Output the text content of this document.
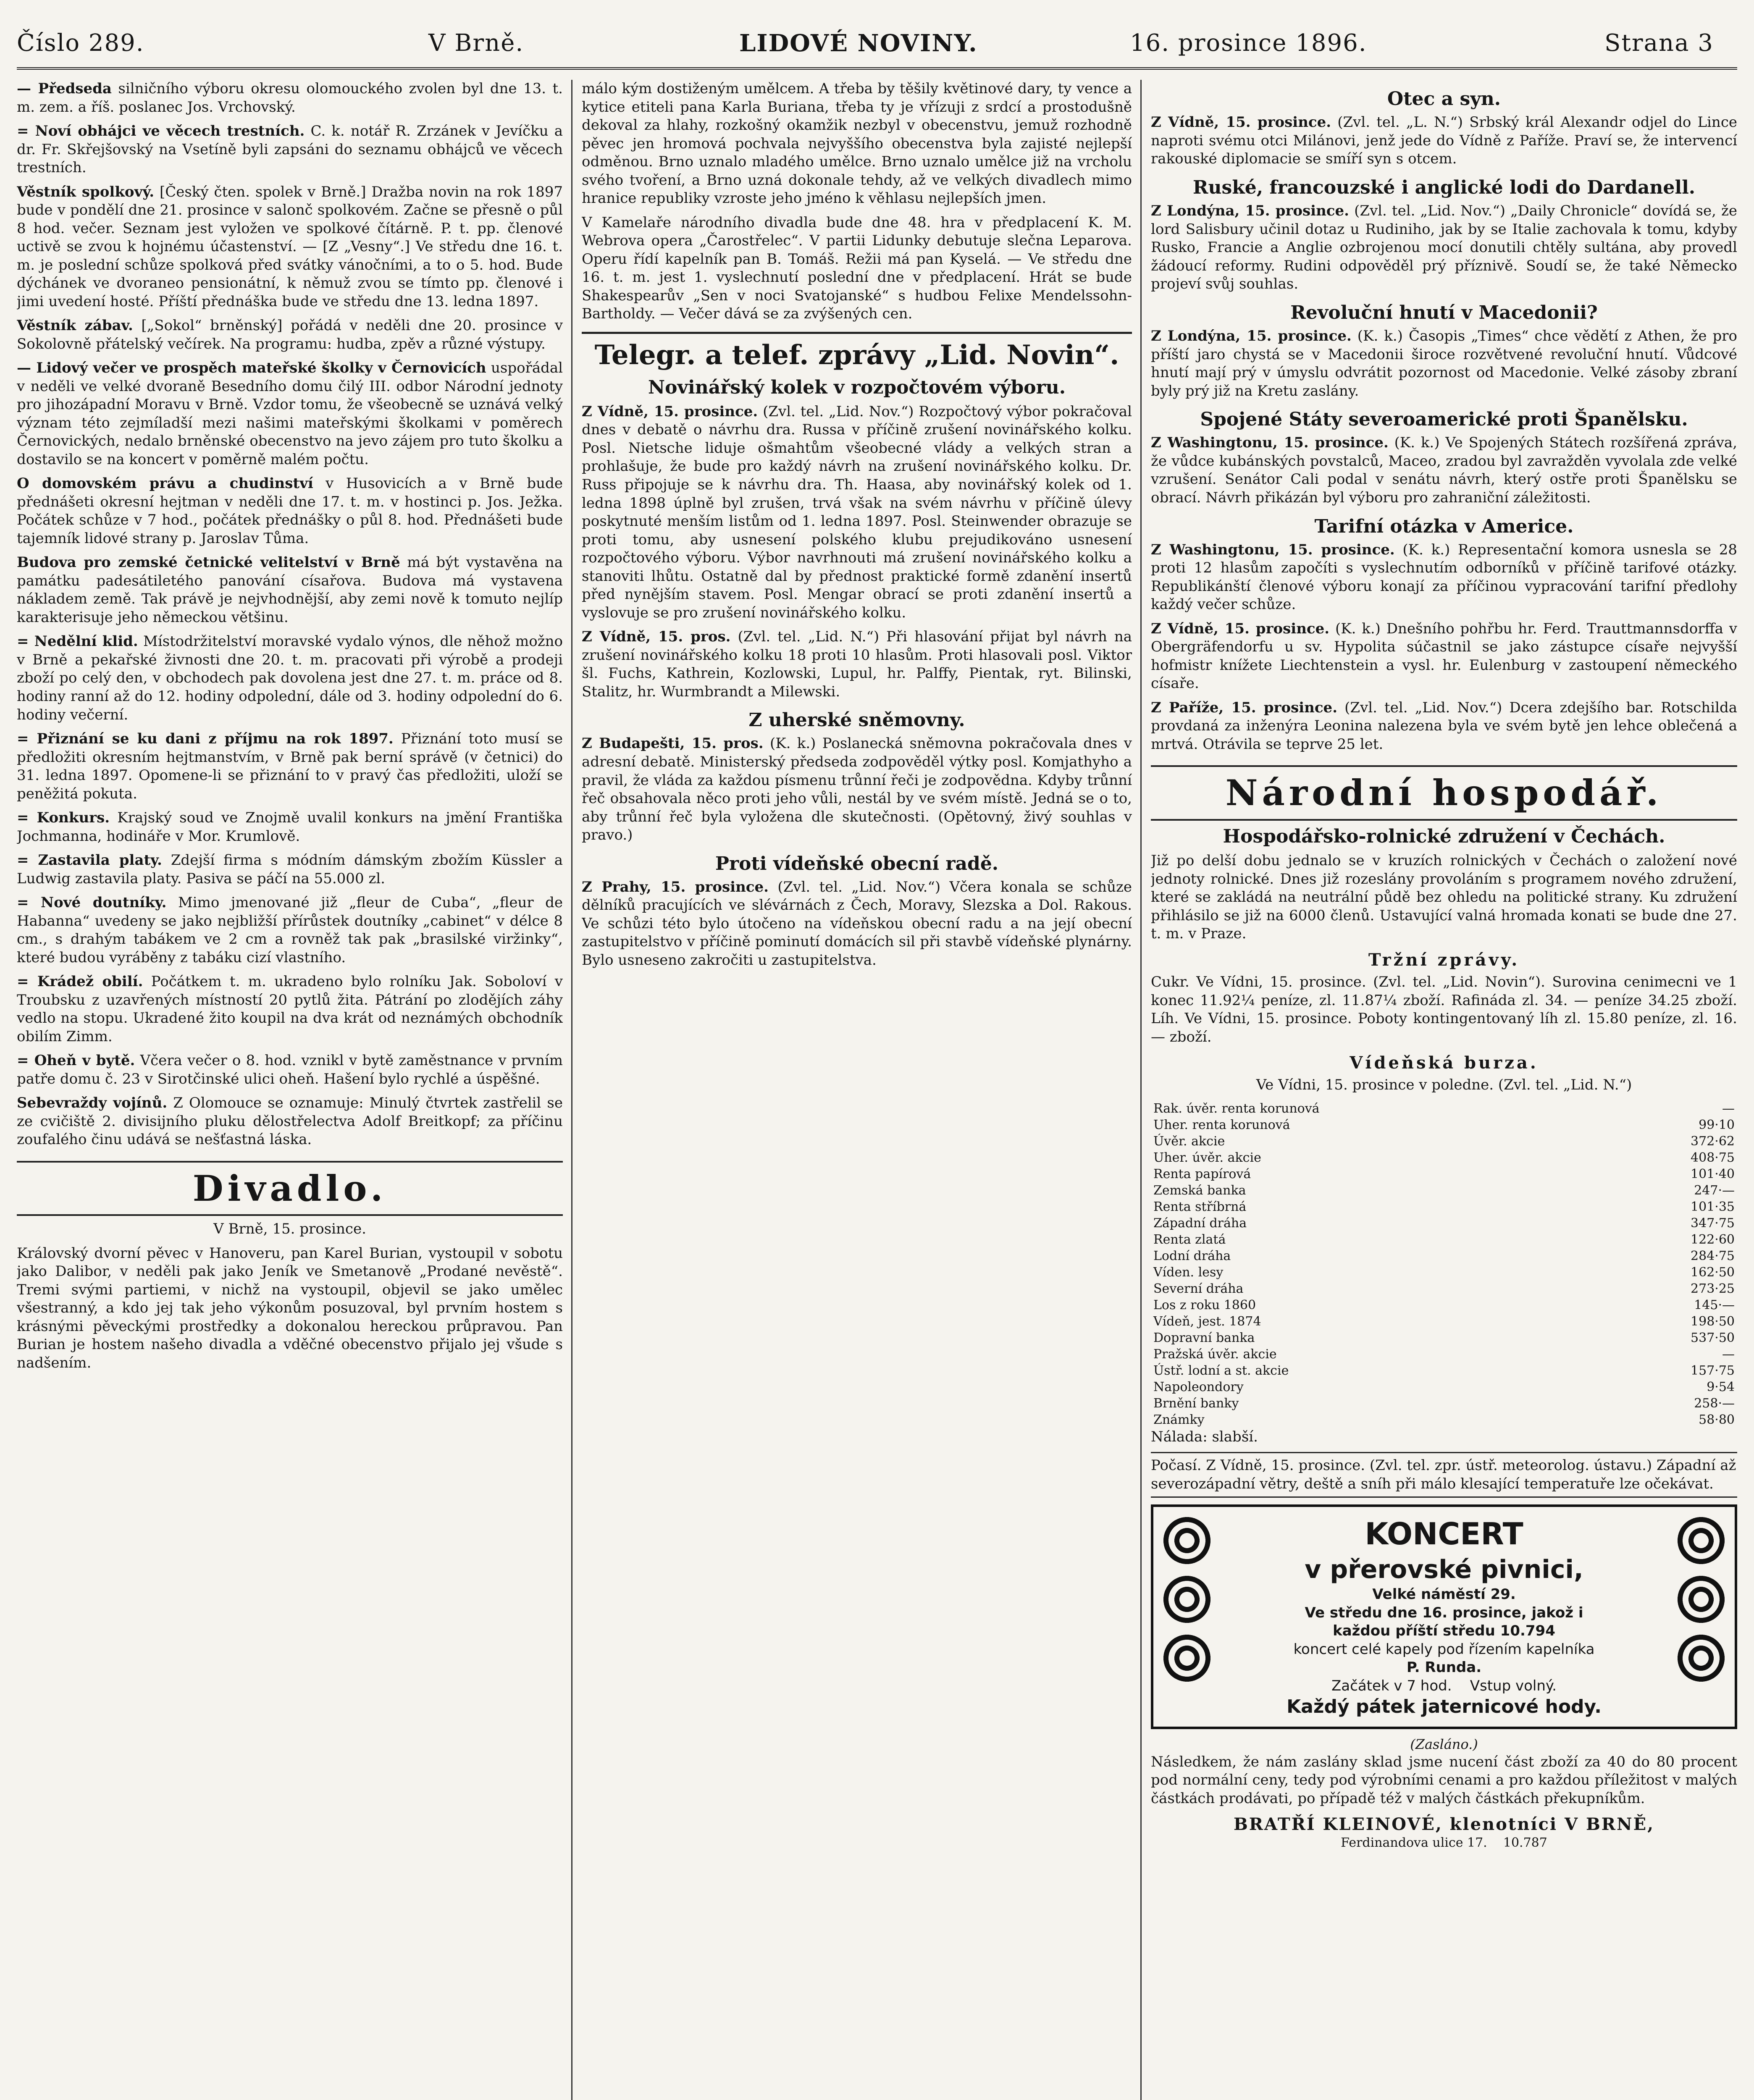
Číslo 289.	V Brně.	LIDOVÉ NOVINY.	16. prosince 1896.	Strana 3

— Předseda silničního výboru okresu olomouckého zvolen byl dne 13. t. m. zem. a říš. poslanec Jos. Vrchovský.

= Noví obhájci ve věcech trestních. C. k. notář R. Zrzánek v Jevíčku a dr. Fr. Skřejšovský na Vsetíně byli zapsáni do seznamu obhájců ve věcech trestních.

Věstník spolkový. [Český čten. spolek v Brně.] Dražba novin na rok 1897 bude v pondělí dne 21. prosince v salonč spolkovém. Začne se přesně o půl 8 hod. večer. Seznam jest vyložen ve spolkové čítárně. P. t. pp. členové uctivě se zvou k hojnému účastenství. — [Z „Vesny“.] Ve středu dne 16. t. m. je poslední schůze spolková před svátky vánočními, a to o 5. hod. Bude dýchánek ve dvoraneo pensionátní, k němuž zvou se tímto pp. členové i jimi uvedení hosté. Příští přednáška bude ve středu dne 13. ledna 1897.

Věstník zábav. [„Sokol“ brněnský] pořádá v neděli dne 20. prosince v Sokolovně přátelský večírek. Na programu: hudba, zpěv a různé výstupy.

— Lidový večer ve prospěch mateřské školky v Černovicích uspořádal v neděli ve velké dvoraně Besedního domu čilý III. odbor Národní jednoty pro jihozápadní Moravu v Brně. Vzdor tomu, že všeobecně se uznává velký význam této zejmíladší mezi našimi mateřskými školkami v poměrech Černovických, nedalo brněnské obecenstvo na jevo zájem pro tuto školku a dostavilo se na koncert v poměrně malém počtu.

O domovském právu a chudinství v Husovicích a v Brně bude přednášeti okresní hejtman v neděli dne 17. t. m. v hostinci p. Jos. Ježka. Počátek schůze v 7 hod., počátek přednášky o půl 8. hod. Přednášeti bude tajemník lidové strany p. Jaroslav Tůma.

Budova pro zemské četnické velitelství v Brně má být vystavěna na památku padesátiletého panování císařova. Budova má vystavena nákladem země. Tak právě je nejvhodnější, aby zemi nově k tomuto nejlíp karakterisuje jeho německou většinu.

= Nedělní klid. Místodržitelství moravské vydalo výnos, dle něhož možno v Brně a pekařské živnosti dne 20. t. m. pracovati při výrobě a prodeji zboží po celý den, v obchodech pak dovolena jest dne 27. t. m. práce od 8. hodiny ranní až do 12. hodiny odpolední, dále od 3. hodiny odpolední do 6. hodiny večerní.

= Přiznání se ku dani z příjmu na rok 1897. Přiznání toto musí se předložiti okresním hejtmanstvím, v Brně pak berní správě (v četnici) do 31. ledna 1897. Opomene-li se přiznání to v pravý čas předložiti, uloží se peněžitá pokuta.

= Konkurs. Krajský soud ve Znojmě uvalil konkurs na jmění Františka Jochmanna, hodináře v Mor. Krumlově.

= Zastavila platy. Zdejší firma s módním dámským zbožím Küssler a Ludwig zastavila platy. Pasiva se páčí na 55.000 zl.

= Nové doutníky. Mimo jmenované již „fleur de Cuba“, „fleur de Habanna“ uvedeny se jako nejbližší přírůstek doutníky „cabinet“ v délce 8 cm., s drahým tabákem ve 2 cm a rovněž tak pak „brasilské viržinky“, které budou vyráběny z tabáku cizí vlastního.

= Krádež obilí. Počátkem t. m. ukradeno bylo rolníku Jak. Soboloví v Troubsku z uzavřených místností 20 pytlů žita. Pátrání po zlodějích záhy vedlo na stopu. Ukradené žito koupil na dva krát od neznámých obchodník obilím Zimm.

= Oheň v bytě. Včera večer o 8. hod. vznikl v bytě zaměstnance v prvním patře domu č. 23 v Sirotčinské ulici oheň. Hašení bylo rychlé a úspěšné.

Sebevraždy vojínů. Z Olomouce se oznamuje: Minulý čtvrtek zastřelil se ze cvičiště 2. divisijního pluku dělostřelectva Adolf Breitkopf; za příčinu zoufalého činu udává se nešťastná láska.

Divadlo.

V Brně, 15. prosince.

Královský dvorní pěvec v Hanoveru, pan Karel Burian, vystoupil v sobotu jako Dalibor, v neděli pak jako Jeník ve Smetanově „Prodané nevěstě“. Tremi svými partiemi, v nichž na vystoupil, objevil se jako umělec všestranný, a kdo jej tak jeho výkonům posuzoval, byl prvním hostem s krásnými pěveckými prostředky a dokonalou hereckou průpravou. Pan Burian je hostem našeho divadla a vděčné obecenstvo přijalo jej všude s nadšením.

málo kým dostiženým umělcem. A třeba by těšily květinové dary, ty vence a kytice etiteli pana Karla Buriana, třeba ty je vřízuji z srdcí a prostodušně dekoval za hlahy, rozkošný okamžik nezbyl v obecenstvu, jemuž rozhodně pěvec jen hromová pochvala nejvyššího obecenstva byla zajisté nejlepší odměnou. Brno uznalo mladého umělce. Brno uznalo umělce již na vrcholu svého tvoření, a Brno uzná dokonale tehdy, až ve velkých divadlech mimo hranice republiky vzroste jeho jméno k věhlasu nejlepších jmen.

V Kamelaře národního divadla bude dne 48. hra v předplacení K. M. Webrova opera „Čarostřelec“. V partii Lidunky debutuje slečna Leparova. Operu řídí kapelník pan B. Tomáš. Režii má pan Kyselá. — Ve středu dne 16. t. m. jest 1. vyslechnutí poslední dne v předplacení. Hrát se bude Shakespearův „Sen v noci Svatojanské“ s hudbou Felixe Mendelssohn-Bartholdy. — Večer dává se za zvýšených cen.

Telegr. a telef. zprávy „Lid. Novin“.
Novinářský kolek v rozpočtovém výboru.

Z Vídně, 15. prosince. (Zvl. tel. „Lid. Nov.“) Rozpočtový výbor pokračoval dnes v debatě o návrhu dra. Russa v příčině zrušení novinářského kolku. Posl. Nietsche liduje ošmahtům všeobecné vlády a velkých stran a prohlašuje, že bude pro každý návrh na zrušení novinářského kolku. Dr. Russ připojuje se k návrhu dra. Th. Haasa, aby novinářský kolek od 1. ledna 1898 úplně byl zrušen, trvá však na svém návrhu v příčině úlevy poskytnuté menším listům od 1. ledna 1897. Posl. Steinwender obrazuje se proti tomu, aby usnesení polského klubu prejudikováno usnesení rozpočtového výboru. Výbor navrhnouti má zrušení novinářského kolku a stanoviti lhůtu. Ostatně dal by přednost praktické formě zdanění insertů před nynějším stavem. Posl. Mengar obrací se proti zdanění insertů a vyslovuje se pro zrušení novinářského kolku.

Z Vídně, 15. pros. (Zvl. tel. „Lid. N.“) Při hlasování přijat byl návrh na zrušení novinářského kolku 18 proti 10 hlasům. Proti hlasovali posl. Viktor šl. Fuchs, Kathrein, Kozlowski, Lupul, hr. Palffy, Pientak, ryt. Bilinski, Stalitz, hr. Wurmbrandt a Milewski.

Z uherské sněmovny.

Z Budapešti, 15. pros. (K. k.) Poslanecká sněmovna pokračovala dnes v adresní debatě. Ministerský předseda zodpověděl výtky posl. Komjathyho a pravil, že vláda za každou písmenu trůnní řeči je zodpovědna. Kdyby trůnní řeč obsahovala něco proti jeho vůli, nestál by ve svém místě. Jedná se o to, aby trůnní řeč byla vyložena dle skutečnosti. (Opětovný, živý souhlas v pravo.)

Proti vídeňské obecní radě.

Z Prahy, 15. prosince. (Zvl. tel. „Lid. Nov.“) Včera konala se schůze dělníků pracujících ve slévárnách z Čech, Moravy, Slezska a Dol. Rakous. Ve schůzi této bylo útočeno na vídeňskou obecní radu a na její obecní zastupitelstvo v příčině pominutí domácích sil při stavbě vídeňské plynárny. Bylo usneseno zakročiti u zastupitelstva.

Otec a syn.

Z Vídně, 15. prosince. (Zvl. tel. „L. N.“) Srbský král Alexandr odjel do Lince naproti svému otci Milánovi, jenž jede do Vídně z Paříže. Praví se, že intervencí rakouské diplomacie se smíří syn s otcem.

Ruské, francouzské i anglické lodi do Dardanell.

Z Londýna, 15. prosince. (Zvl. tel. „Lid. Nov.“) „Daily Chronicle“ dovídá se, že lord Salisbury učinil dotaz u Rudiniho, jak by se Italie zachovala k tomu, kdyby Rusko, Francie a Anglie ozbrojenou mocí donutili chtěly sultána, aby provedl žádoucí reformy. Rudini odpověděl prý příznivě. Soudí se, že také Německo projeví svůj souhlas.

Revoluční hnutí v Macedonii?

Z Londýna, 15. prosince. (K. k.) Časopis „Times“ chce vědětí z Athen, že pro příští jaro chystá se v Macedonii široce rozvětvené revoluční hnutí. Vůdcové hnutí mají prý v úmyslu odvrátit pozornost od Macedonie. Velké zásoby zbraní byly prý již na Kretu zaslány.

Spojené Státy severoamerické proti Španělsku.

Z Washingtonu, 15. prosince. (K. k.) Ve Spojených Státech rozšířená zpráva, že vůdce kubánských povstalců, Maceo, zradou byl zavražděn vyvolala zde velké vzrušení. Senátor Cali podal v senátu návrh, který ostře proti Španělsku se obrací. Návrh přikázán byl výboru pro zahraniční záležitosti.

Tarifní otázka v Americe.

Z Washingtonu, 15. prosince. (K. k.) Representační komora usnesla se 28 proti 12 hlasům započíti s vyslechnutím odborníků v příčině tarifové otázky. Republikánští členové výboru konají za příčinou vypracování tarifní předlohy každý večer schůze.

Z Vídně, 15. prosince. (K. k.) Dnešního pohřbu hr. Ferd. Trauttmannsdorffa v Obergräfendorfu u sv. Hypolita súčastnil se jako zástupce císaře nejvyšší hofmistr knížete Liechtenstein a vysl. hr. Eulenburg v zastoupení německého císaře.

Z Paříže, 15. prosince. (Zvl. tel. „Lid. Nov.“) Dcera zdejšího bar. Rotschilda provdaná za inženýra Leonina nalezena byla ve svém bytě jen lehce oblečená a mrtvá. Otrávila se teprve 25 let.

Národní hospodář.
Hospodářsko-rolnické združení v Čechách.

Již po delší dobu jednalo se v kruzích rolnických v Čechách o založení nové jednoty rolnické. Dnes již rozeslány provoláním s programem nového združení, které se zakládá na neutrální půdě bez ohledu na politické strany. Ku združení přihlásilo se již na 6000 členů. Ustavující valná hromada konati se bude dne 27. t. m. v Praze.

Tržní zprávy.

Cukr. Ve Vídni, 15. prosince. (Zvl. tel. „Lid. Novin“). Surovina cenimecni ve 1 konec 11.92¼ peníze, zl. 11.87¼ zboží. Rafináda zl. 34. — peníze 34.25 zboží. Líh. Ve Vídni, 15. prosince. Poboty kontingentovaný líh zl. 15.80 peníze, zl. 16. — zboží.

Vídeňská burza.

Ve Vídni, 15. prosince v poledne. (Zvl. tel. „Lid. N.“)

Rak. úvěr. renta korunová	—
Uher. renta korunová	99·10
Úvěr. akcie	372·62
Uher. úvěr. akcie	408·75
Renta papírová	101·40
Zemská banka	247·—
Renta stříbrná	101·35
Západní dráha	347·75
Renta zlatá	122·60
Lodní dráha	284·75
Víden. lesy	162·50
Severní dráha	273·25
Los z roku 1860	145·—
Vídeň, jest. 1874	198·50
Dopravní banka	537·50
Pražská úvěr. akcie	—
Ústř. lodní a st. akcie	157·75
Napoleondory	9·54
Brnění banky	258·—
Známky	58·80

Nálada: slabší.

Počasí. Z Vídně, 15. prosince. (Zvl. tel. zpr. ústř. meteorolog. ústavu.) Západní až severozápadní větry, deště a sníh při málo klesající temperatuře lze očekávat.
KONCERT
v přerovské pivnici,
Velké náměstí 29.
Ve středu dne 16. prosince, jakož i
každou příští středu 10.794
koncert celé kapely pod řízením kapelníka
P. Runda.
Začátek v 7 hod. Vstup volný.
Každý pátek jaternicové hody.
(Zasláno.)

Následkem, že nám zaslány sklad jsme nucení část zboží za 40 do 80 procent pod normální ceny, tedy pod výrobními cenami a pro každou příležitost v malých částkách prodávati, po případě též v malých částkách překupníkům.

BRATŘÍ KLEINOVÉ, klenotníci V BRNĚ,
Ferdinandova ulice 17. 10.787
